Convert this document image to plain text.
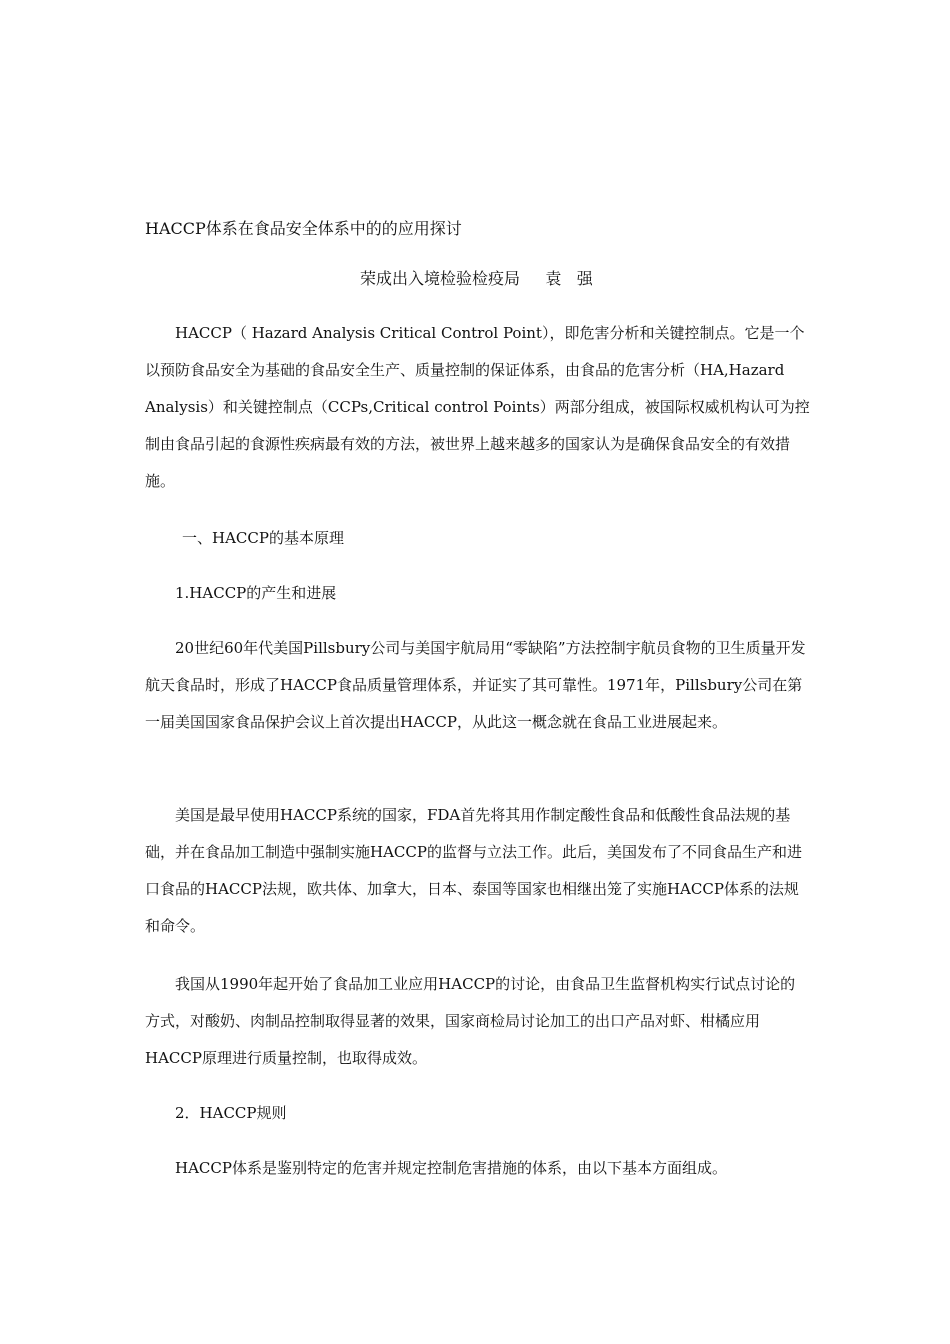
HACCP体系在食品安全体系中的的应用探讨
荣成出入境检验检疫局     袁   强
HACCP（ Hazard Analysis Critical Control Point），即危害分析和关键控制点。它是一个以预防食品安全为基础的食品安全生产、质量控制的保证体系，由食品的危害分析（HA,Hazard Analysis）和关键控制点（CCPs,Critical control Points）两部分组成，被国际权威机构认可为控制由食品引起的食源性疾病最有效的方法，被世界上越来越多的国家认为是确保食品安全的有效措施。
一、HACCP的基本原理
1.HACCP的产生和进展
20世纪60年代美国Pillsbury公司与美国宇航局用“零缺陷”方法控制宇航员食物的卫生质量开发航天食品时，形成了HACCP食品质量管理体系，并证实了其可靠性。1971年，Pillsbury公司在第一届美国国家食品保护会议上首次提出HACCP，从此这一概念就在食品工业进展起来。
美国是最早使用HACCP系统的国家，FDA首先将其用作制定酸性食品和低酸性食品法规的基础，并在食品加工制造中强制实施HACCP的监督与立法工作。此后，美国发布了不同食品生产和进口食品的HACCP法规，欧共体、加拿大，日本、泰国等国家也相继出笼了实施HACCP体系的法规和命令。
我国从1990年起开始了食品加工业应用HACCP的讨论，由食品卫生监督机构实行试点讨论的方式，对酸奶、肉制品控制取得显著的效果，国家商检局讨论加工的出口产品对虾、柑橘应用HACCP原理进行质量控制，也取得成效。
2．HACCP规则
HACCP体系是鉴别特定的危害并规定控制危害措施的体系，由以下基本方面组成。
